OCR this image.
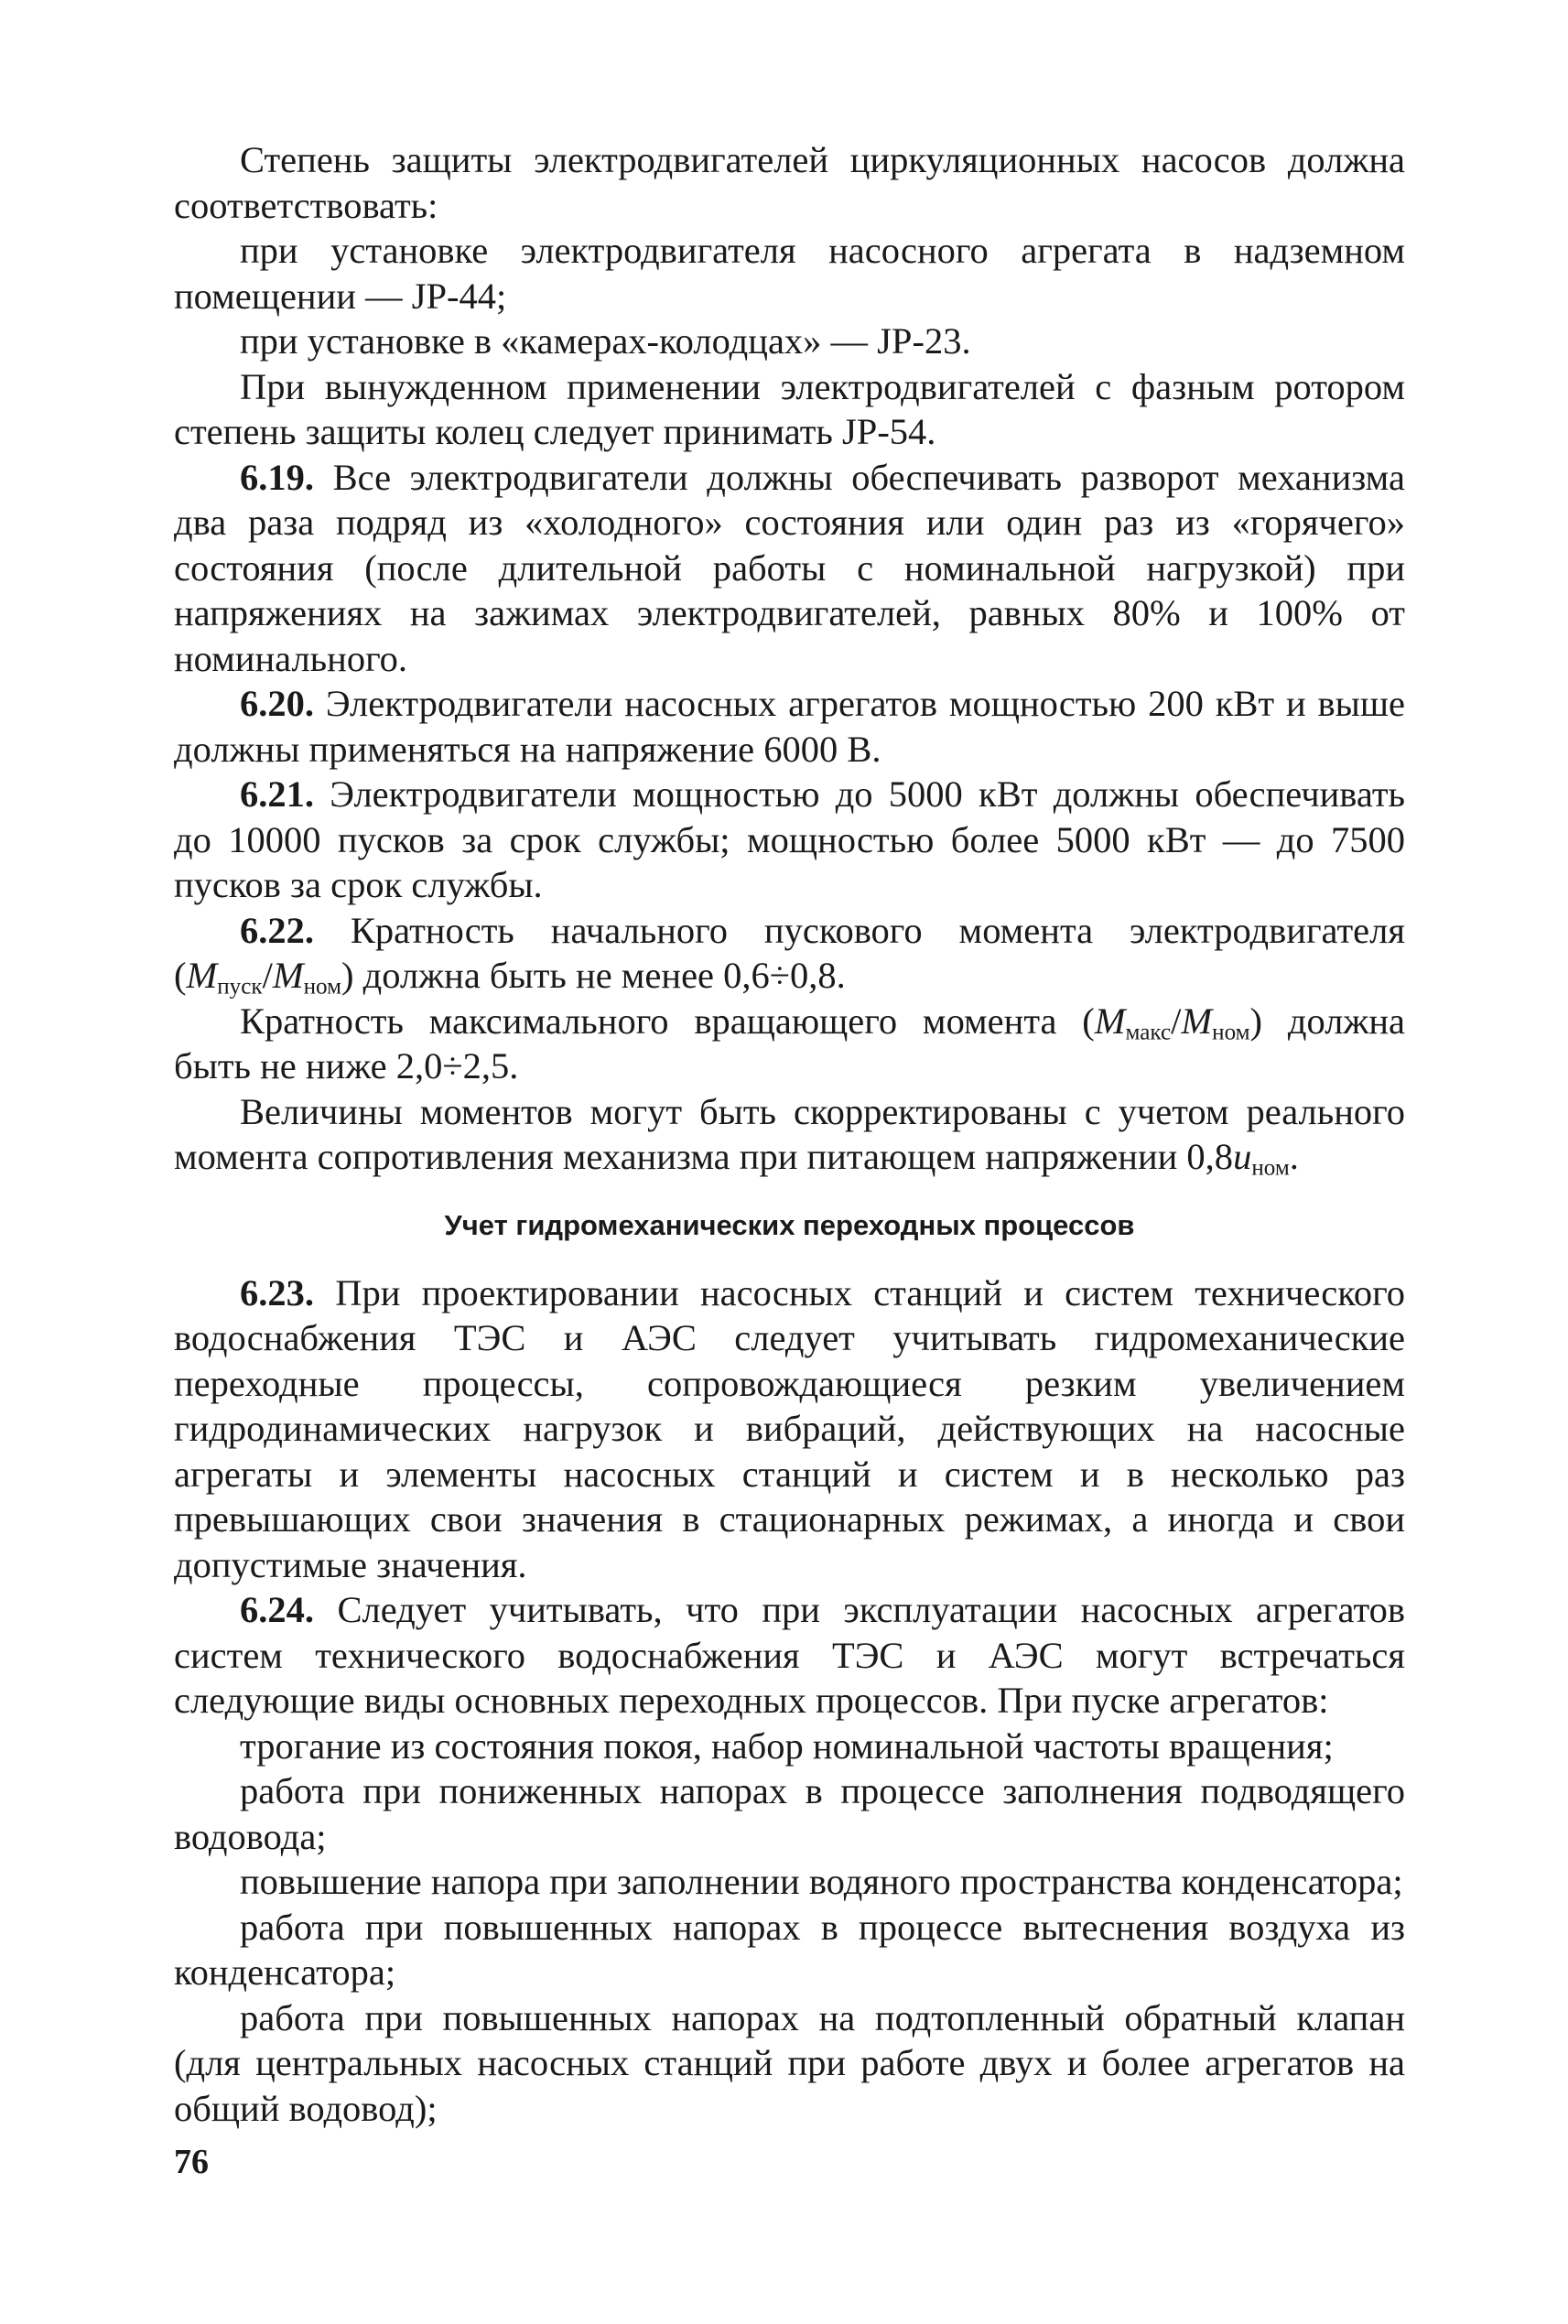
Степень защиты электродвигателей циркуляционных насосов должна соответствовать:

при установке электродвигателя насосного агрегата в надземном помещении — JP-44;

при установке в «камерах-колодцах» — JP-23.

При вынужденном применении электродвигателей с фазным ротором степень защиты колец следует принимать JP-54.

6.19. Все электродвигатели должны обеспечивать разворот механизма два раза подряд из «холодного» состояния или один раз из «горячего» состояния (после длительной работы с номинальной нагрузкой) при напряжениях на зажимах электродвигателей, равных 80% и 100% от номинального.

6.20. Электродвигатели насосных агрегатов мощностью 200 кВт и выше должны применяться на напряжение 6000 В.

6.21. Электродвигатели мощностью до 5000 кВт должны обеспечивать до 10000 пусков за срок службы; мощностью более 5000 кВт — до 7500 пусков за срок службы.

6.22. Кратность начального пускового момента электродвигателя $(M_{пуск}/M_{ном})$ должна быть не менее 0,6÷0,8.

Кратность максимального вращающего момента $(M_{макс}/M_{ном})$ должна быть не ниже 2,0÷2,5.

Величины моментов могут быть скорректированы с учетом реального момента сопротивления механизма при питающем напряжении $0,8u_{ном}$.

Учет гидромеханических переходных процессов

6.23. При проектировании насосных станций и систем технического водоснабжения ТЭС и АЭС следует учитывать гидромеханические переходные процессы, сопровождающиеся резким увеличением гидродинамических нагрузок и вибраций, действующих на насосные агрегаты и элементы насосных станций и систем и в несколько раз превышающих свои значения в стационарных режимах, а иногда и свои допустимые значения.

6.24. Следует учитывать, что при эксплуатации насосных агрегатов систем технического водоснабжения ТЭС и АЭС могут встречаться следующие виды основных переходных процессов. При пуске агрегатов:

трогание из состояния покоя, набор номинальной частоты вращения;

работа при пониженных напорах в процессе заполнения подводящего водовода;

повышение напора при заполнении водяного пространства конденсатора;

работа при повышенных напорах в процессе вытеснения воздуха из конденсатора;

работа при повышенных напорах на подтопленный обратный клапан (для центральных насосных станций при работе двух и более агрегатов на общий водовод);

76
